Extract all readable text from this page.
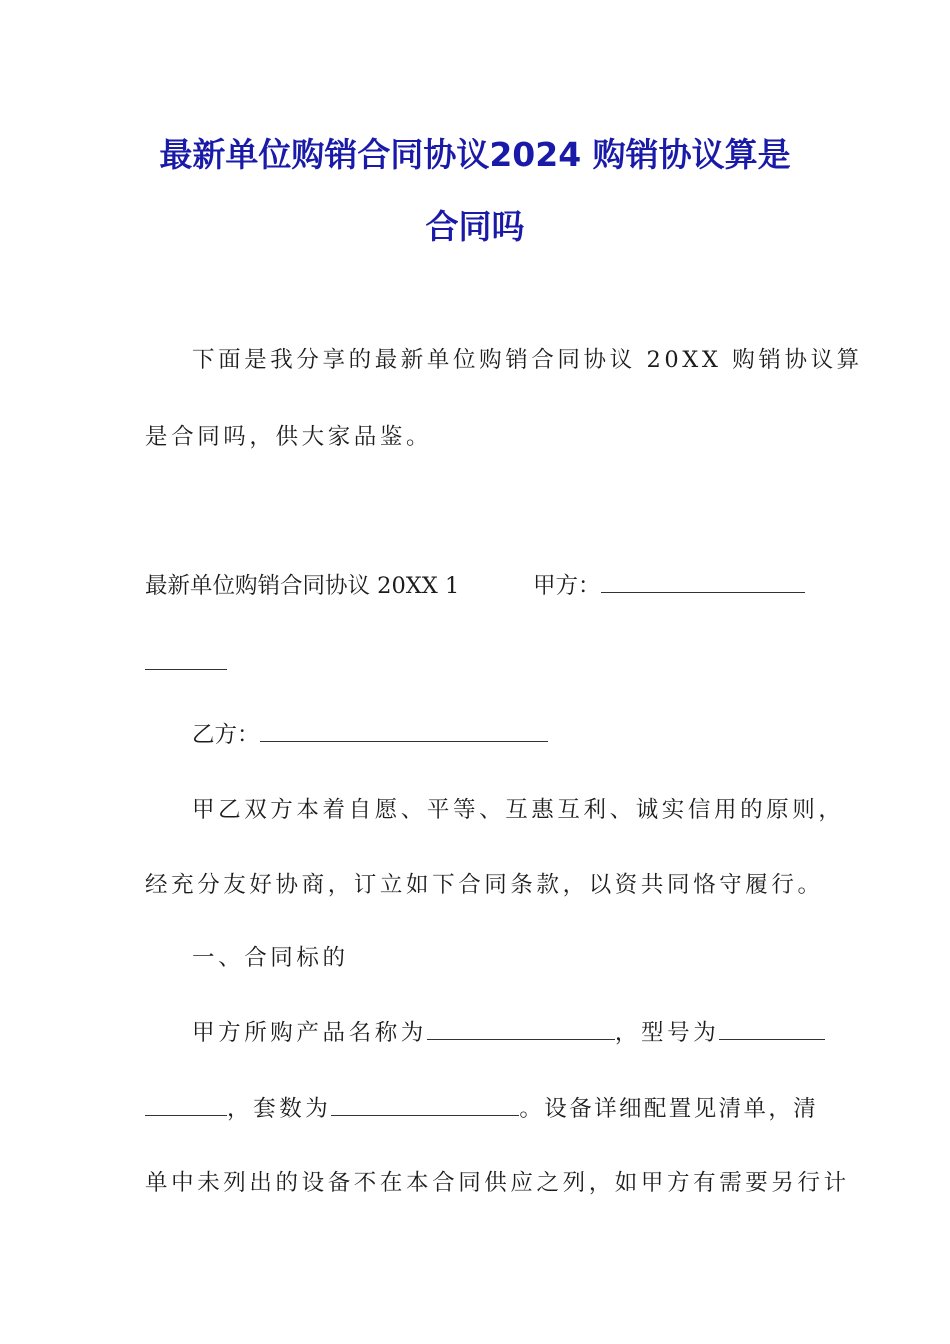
最新单位购销合同协议2024 购销协议算是
合同吗
下面是我分享的最新单位购销合同协议 20XX 购销协议算
是合同吗，供大家品鉴。
最新单位购销合同协议 20XX 1	甲方：
乙方：
甲乙双方本着自愿、平等、互惠互利、诚实信用的原则，
经充分友好协商，订立如下合同条款，以资共同恪守履行。
一、合同标的
甲方所购产品名称为	，型号为
，套数为	。设备详细配置见清单，清
单中未列出的设备不在本合同供应之列，如甲方有需要另行计
